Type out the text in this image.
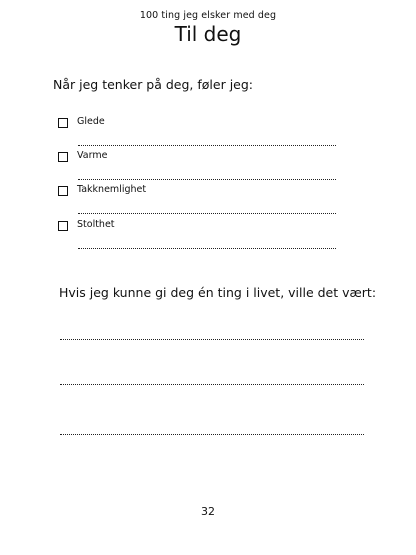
100 ting jeg elsker med deg
Til deg
Når jeg tenker på deg, føler jeg:
Glede
Varme
Takknemlighet
Stolthet
Hvis jeg kunne gi deg én ting i livet, ville det vært:
32
